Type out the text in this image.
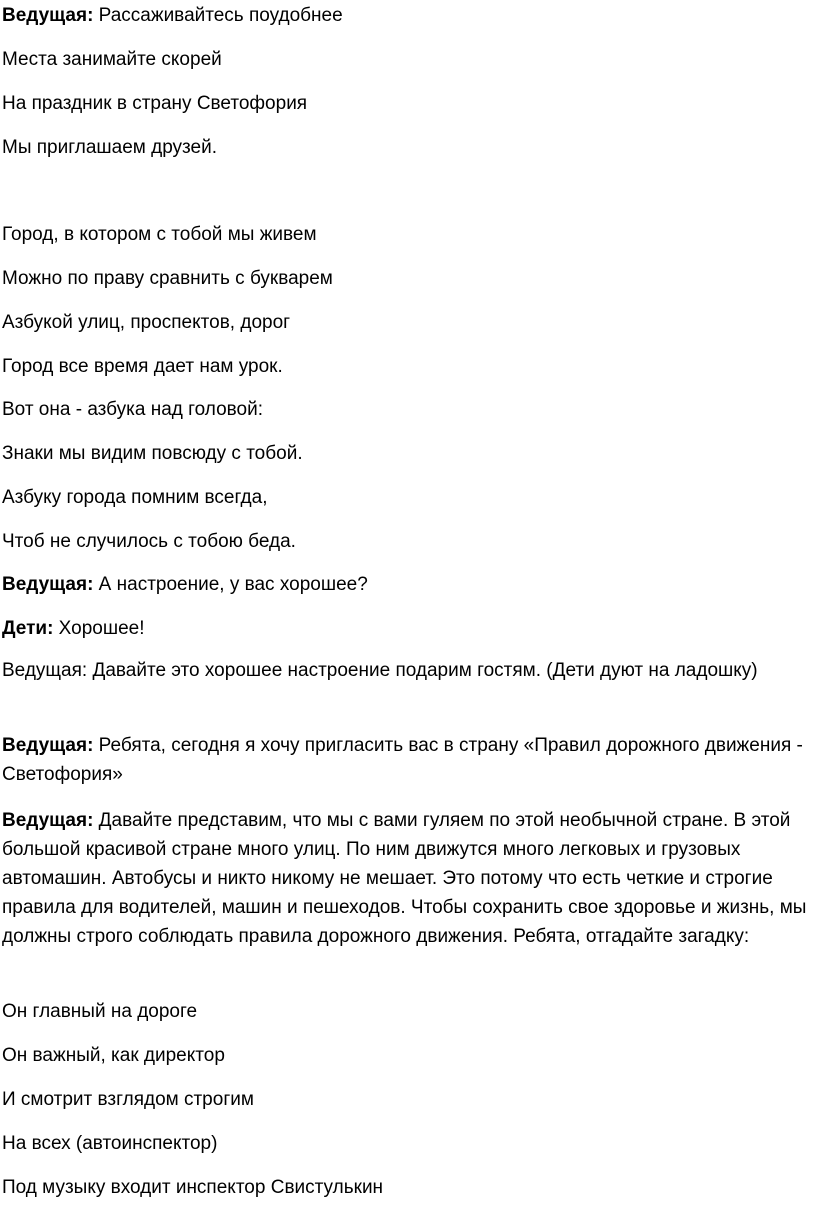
Ведущая: Рассаживайтесь поудобнее
Места занимайте скорей
На праздник в страну Светофория
Мы приглашаем друзей.
Город, в котором с тобой мы живем
Можно по праву сравнить с букварем
Азбукой улиц, проспектов, дорог
Город все время дает нам урок.
Вот она - азбука над головой:
Знаки мы видим повсюду с тобой.
Азбуку города помним всегда,
Чтоб не случилось с тобою беда.
Ведущая: А настроение, у вас хорошее?
Дети: Хорошее!
Ведущая: Давайте это хорошее настроение подарим гостям. (Дети дуют на ладошку)
Ведущая: Ребята, сегодня я хочу пригласить вас в страну «Правил дорожного движения - Светофория»
Ведущая: Давайте представим, что мы с вами гуляем по этой необычной стране. В этой большой красивой стране много улиц. По ним движутся много легковых и грузовых автомашин. Автобусы и никто никому не мешает. Это потому что есть четкие и строгие правила для водителей, машин и пешеходов. Чтобы сохранить свое здоровье и жизнь, мы должны строго соблюдать правила дорожного движения. Ребята, отгадайте загадку:
Он главный на дороге
Он важный, как директор
И смотрит взглядом строгим
На всех (автоинспектор)
Под музыку входит инспектор Свистулькин
